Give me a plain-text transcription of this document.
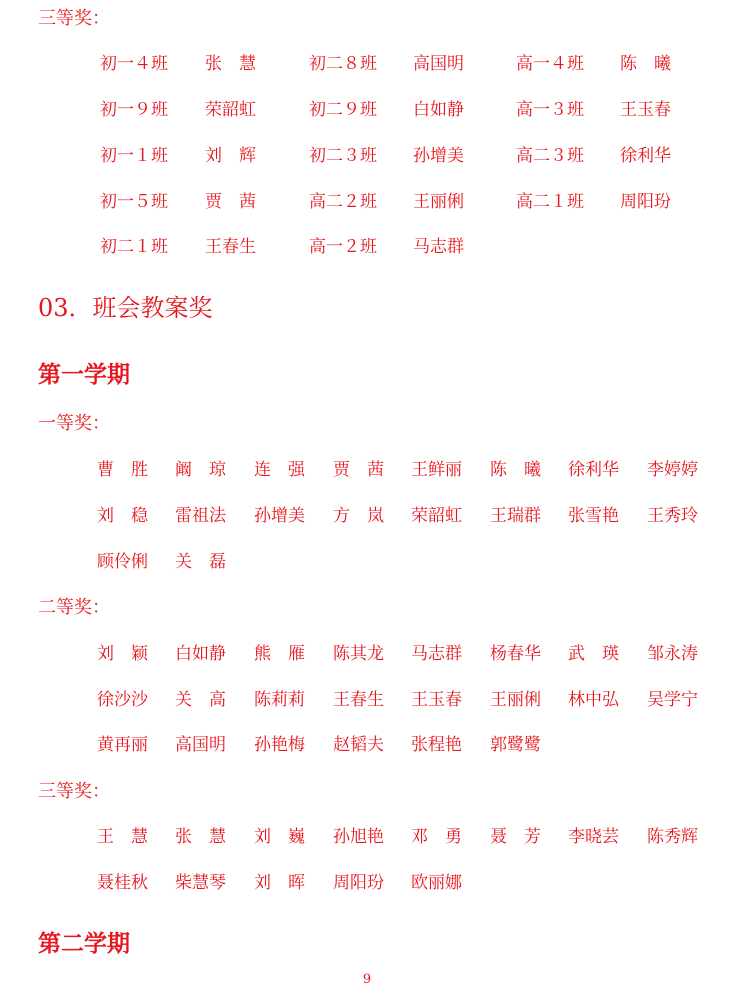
三等奖：
初一４班 张　慧	初二８班 高国明	高一４班 陈　曦
初一９班 荣韶虹	初二９班 白如静	高一３班 王玉春
初一１班 刘　辉	初二３班 孙增美	高二３班 徐利华
初一５班 贾　茜	高二２班 王丽俐	高二１班 周阳玢
初二１班 王春生	高一２班 马志群
03．班会教案奖
第一学期
一等奖：
曹　胜 阚　琼 连　强 贾　茜 王鲜丽 陈　曦 徐利华 李婷婷
刘　稳 雷祖法 孙增美 方　岚 荣韶虹 王瑞群 张雪艳 王秀玲
顾伶俐 关　磊
二等奖：
刘　颖 白如静 熊　雁 陈其龙 马志群 杨春华 武　瑛 邹永涛
徐沙沙 关　高 陈莉莉 王春生 王玉春 王丽俐 林中弘 吴学宁
黄再丽 高国明 孙艳梅 赵韬夫 张程艳 郭鹭鹭
三等奖：
王　慧 张　慧 刘　巍 孙旭艳 邓　勇 聂　芳 李晓芸 陈秀辉
聂桂秋 柴慧琴 刘　晖 周阳玢 欧丽娜
第二学期
9
